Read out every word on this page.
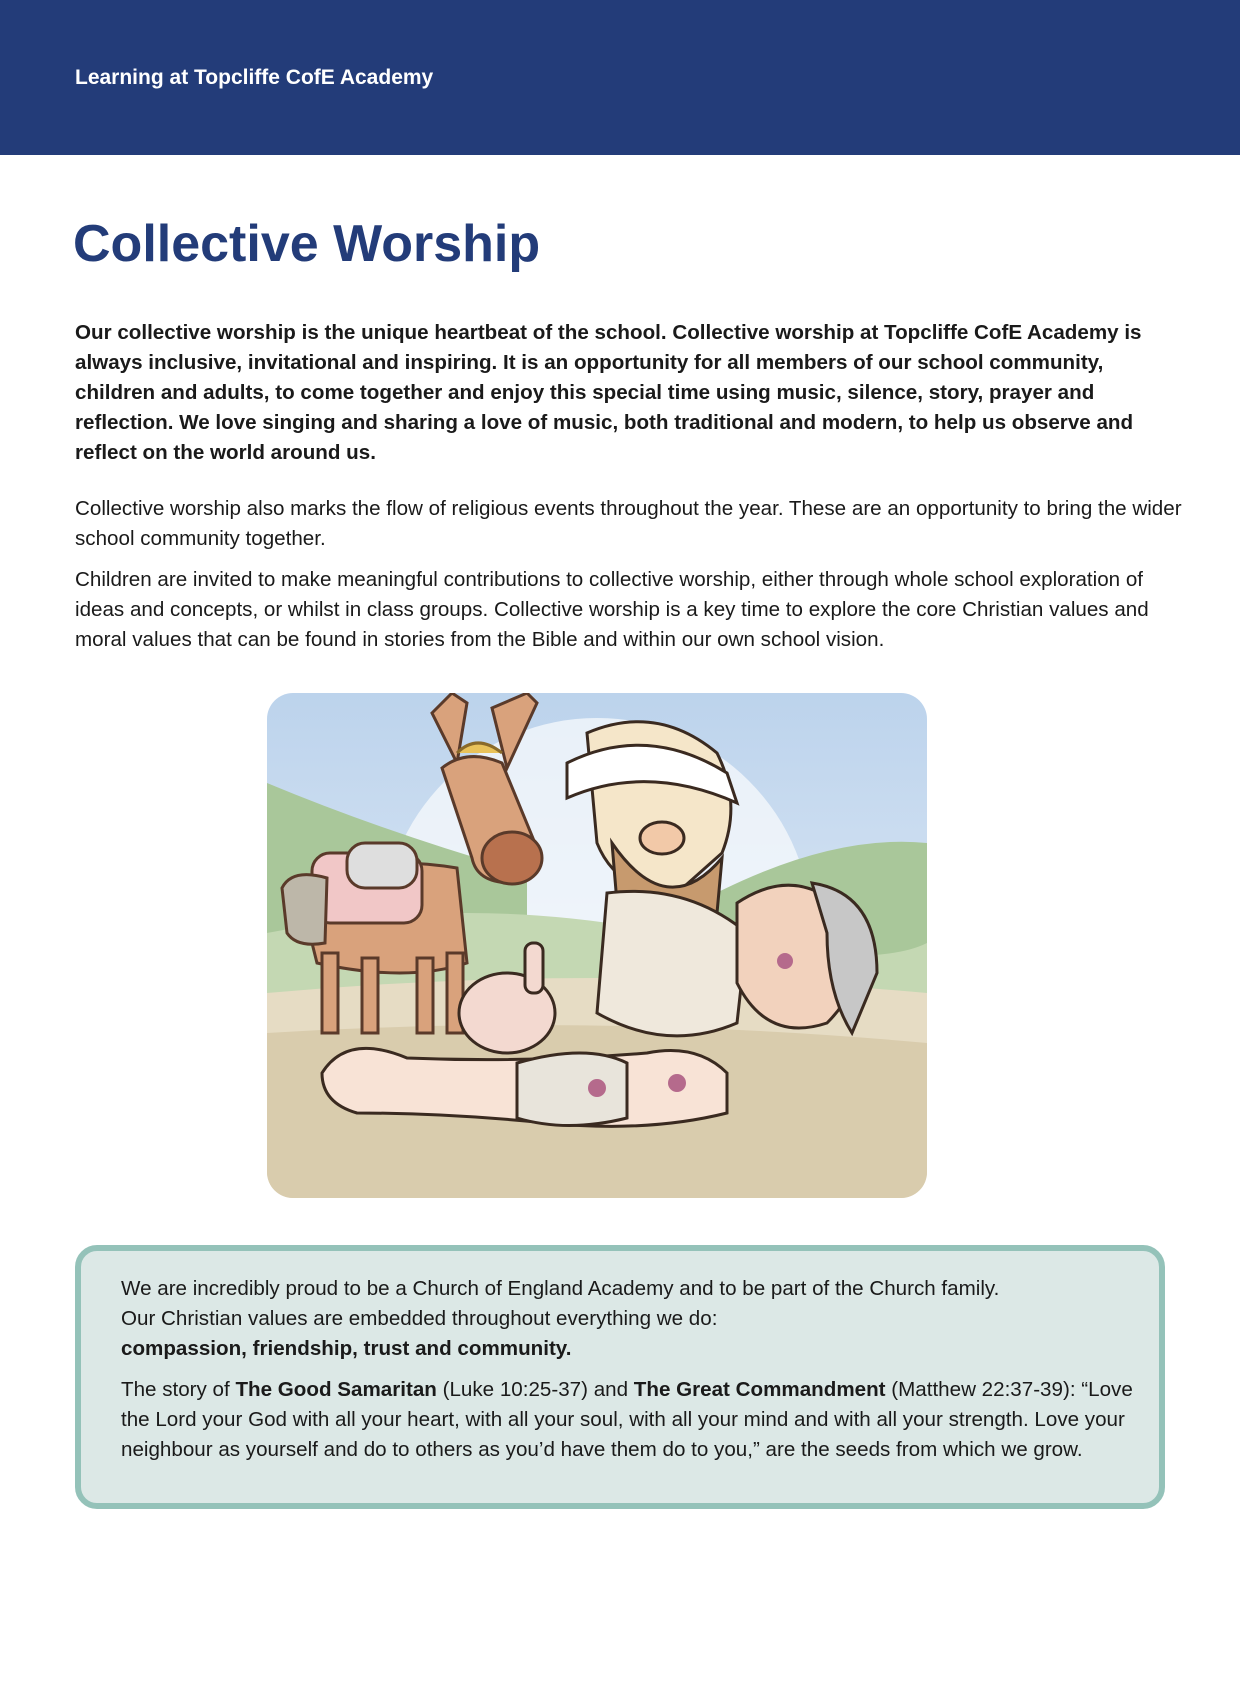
Learning at Topcliffe CofE Academy
Collective Worship

Our collective worship is the unique heartbeat of the school. Collective worship at Topcliffe CofE Academy is always inclusive, invitational and inspiring. It is an opportunity for all members of our school community, children and adults, to come together and enjoy this special time using music, silence, story, prayer and reflection. We love singing and sharing a love of music, both traditional and modern, to help us observe and reflect on the world around us.

Collective worship also marks the flow of religious events throughout the year. These are an opportunity to bring the wider school community together.

Children are invited to make meaningful contributions to collective worship, either through whole school exploration of ideas and concepts, or whilst in class groups. Collective worship is a key time to explore the core Christian values and moral values that can be found in stories from the Bible and within our own school vision.

We are incredibly proud to be a Church of England Academy and to be part of the Church family.

Our Christian values are embedded throughout everything we do:

compassion, friendship, trust and community.

The story of The Good Samaritan (Luke 10:25-37) and The Great Commandment (Matthew 22:37-39): “Love the Lord your God with all your heart, with all your soul, with all your mind and with all your strength. Love your neighbour as yourself and do to others as you’d have them do to you,” are the seeds from which we grow.
